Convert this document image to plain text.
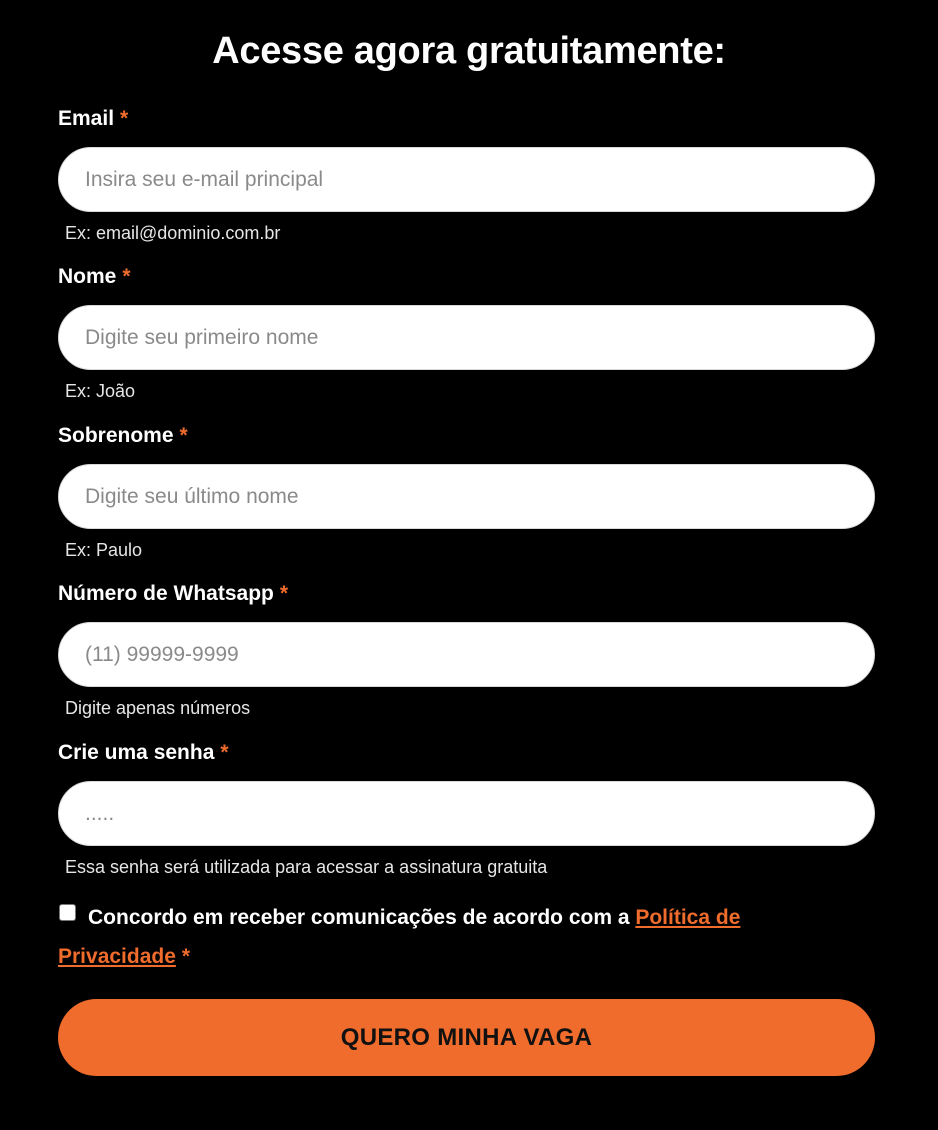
Acesse agora gratuitamente:
Email *
Insira seu e-mail principal
Ex: email@dominio.com.br
Nome *
Digite seu primeiro nome
Ex: João
Sobrenome *
Digite seu último nome
Ex: Paulo
Número de Whatsapp *
(11) 99999-9999
Digite apenas números
Crie uma senha *
.....
Essa senha será utilizada para acessar a assinatura gratuita
Concordo em receber comunicações de acordo com a Política de Privacidade *
QUERO MINHA VAGA
